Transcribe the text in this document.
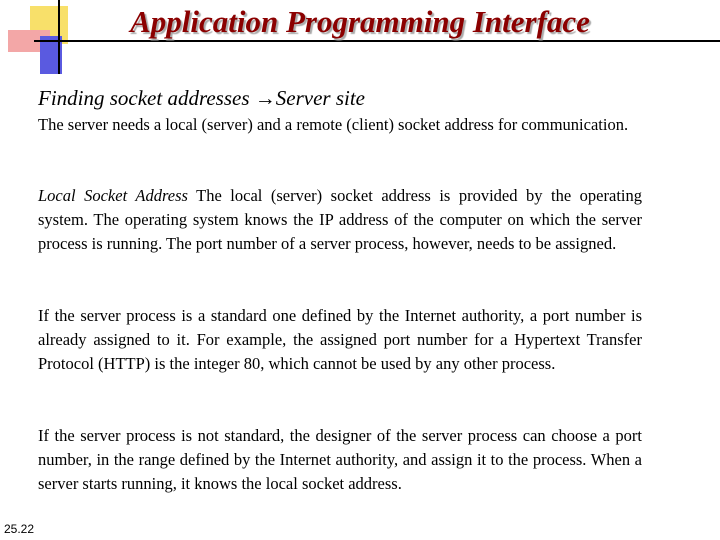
Application Programming Interface
Finding socket addresses →Server site
The server needs a local (server) and a remote (client) socket address for communication.
Local Socket Address The local (server) socket address is provided by the operating system. The operating system knows the IP address of the computer on which the server process is running. The port number of a server process, however, needs to be assigned.
If the server process is a standard one defined by the Internet authority, a port number is already assigned to it. For example, the assigned port number for a Hypertext Transfer Protocol (HTTP) is the integer 80, which cannot be used by any other process.
If the server process is not standard, the designer of the server process can choose a port number, in the range defined by the Internet authority, and assign it to the process. When a server starts running, it knows the local socket address.
25.22
